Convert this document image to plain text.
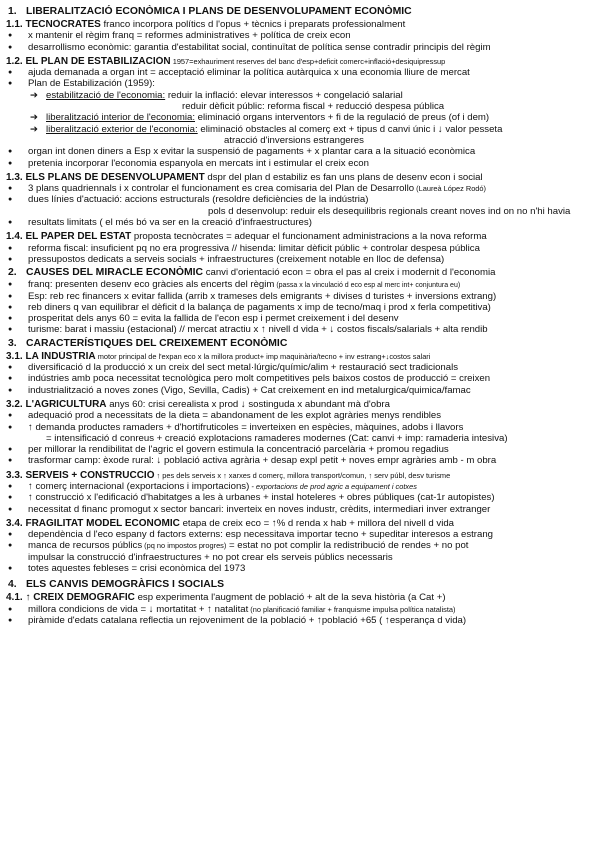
1. LIBERALITZACIÓ ECONÒMICA I PLANS DE DESENVOLUPAMENT ECONÒMIC
1.1. TECNÒCRATES franco incorpora polítics d l'opus + tècnics i preparats professionalment
● x mantenir el règim franq = reformes administratives + política de creix econ
● desarrollismo econòmic: garantia d'estabilitat social, continuïtat de política sense contradir principis del règim
1.2. EL PLAN DE ESTABILIZACIÓN 1957=exhauriment reserves del banc d'esp+deficit comerc+inflació+desiquipressup
● ajuda demanada a organ int = acceptació eliminar la política autàrquica x una economia lliure de mercat
● Plan de Estabilización (1959):
➔ estabilització de l'economia: reduir la inflació: elevar interessos + congelació salarial
reduir dèficit públic: reforma fiscal + reducció despesa pública
➔ liberalització interior de l'economia: eliminació organs interventors + fi de la regulació de preus (of i dem)
➔ liberalització exterior de l'economia: eliminació obstacles al comerç ext + tipus d canvi únic i ↓ valor pesseta
atracció d'inversions estrangeres
● organ int donen diners a Esp x evitar la suspensió de pagaments + x plantar cara a la situació econòmica
● pretenia incorporar l'economia espanyola en mercats int i estimular el creix econ
1.3. ELS PLANS DE DESENVOLUPAMENT dspr del plan d estabiliz es fan uns plans de desenv econ i social
● 3 plans quadriennals i x controlar el funcionament es crea comisaria del Plan de Desarrollo (Laureà López Rodó)
● dues línies d'actuació: accions estructurals (resoldre deficiències de la indústria)
pols d desenvolup: reduir els desequilibris regionals creant noves ind on no n'hi havia
● resultats limitats ( el més bó va ser en la creació d'infraestructures)
1.4. EL PAPER DEL ESTAT proposta tecnòcrates = adequar el funcionament administracions a la nova reforma
● reforma fiscal: insuficient pq no era progressiva // hisenda: limitar dèficit públic + controlar despesa pública
● pressupostos dedicats a serveis socials + infraestructures (creixement notable en lloc de defensa)
2. CAUSES DEL MIRACLE ECONÒMIC canvi d'orientació econ = obra el pas al creix i modernit d l'economia
● franq: presenten desenv eco gràcies als encerts del règim (passa x la vinculació d eco esp al merc int+ conjuntura eu)
● Esp: reb rec financers x evitar fallida (arrib x trameses dels emigrants + divises d turistes + inversions extrang)
● reb diners q van equilibrar el dèficit d la balança de pagaments x imp de tecno/maq i prod x ferla competitiva)
● prosperitat dels anys 60 = evita la fallida de l'econ esp i permet creixement i del desenv
● turisme: barat i massiu (estacional) // mercat atractiu x ↑ nivell d vida + ↓ costos fiscals/salarials + alta rendib
3. CARACTERÍSTIQUES DEL CREIXEMENT ECONÒMIC
3.1. LA INDÚSTRIA motor principal de l'expan eco x la millora product+ imp maquinària/tecno + inv estrang+↓costos salari
● diversificació d la producció x un creix del sect metal·lúrgic/químic/alim + restauració sect tradicionals
● indústries amb poca necessitat tecnològica pero molt competitives pels baixos costos de producció = creixen
● industrialització a noves zones (Vigo, Sevilla, Cadis) + Cat creixement en ind metalurgica/quimica/famac
3.2. L'AGRICULTURA anys 60: crisi cerealista x prod ↓ sostinguda x abundant mà d'obra
● adequació prod a necessitats de la dieta = abandonament de les explot agràries menys rendibles
● ↑ demanda productes ramaders + d'hortifruticoles = inverteixen en espècies, màquines, adobs i llavors
= intensificació d conreus + creació explotacions ramaderes modernes (Cat: canvi + imp: ramaderia intesiva)
● per millorar la rendibilitat de l'agric el govern estimula la concentració parcelària + promou regadius
● trasformar camp: èxode rural: ↓ població activa agrària + desap expl petit + noves empr agràries amb - m obra
3.3. SERVEIS + CONSTRUCCIÓ ↑ pes dels serveis x ↑ xarxes d comerç, millora transport/comun, ↑ serv públ, desv turisme
● ↑ comerç internacional (exportacions i importacions) - exportacions de prod agric a equipament i cotxes
● ↑ construcció x l'edificació d'habitatges a les à urbanes + instal hoteleres + obres públiques (cat-1r autopistes)
● necessitat d financ promogut x sector bancari: inverteix en noves industr, crèdits, intermediari inver extranger
3.4. FRAGILITAT MODEL ECONÒMIC etapa de creix eco = ↑% d renda x hab + millora del nivell d vida
● dependència d l'eco espany d factors externs: esp necessitava importar tecno + supeditar interesos a estrang
● manca de recursos públics (pq no impostos progres) = estat no pot complir la redistribució de rendes + no pot
impulsar la construcció d'infraestructures + no pot crear els serveis públics necessaris
● totes aquestes febleses = crisi econòmica del 1973
4. ELS CANVIS DEMOGRÀFICS I SOCIALS
4.1. ↑ CREIX DEMOGRÀFIC esp experimenta l'augment de població + alt de la seva història (a Cat +)
● millora condicions de vida = ↓ mortatitat + ↑ natalitat (no planificació familiar + franquisme impulsa política natalista)
● piràmide d'edats catalana reflectia un rejoveniment de la població + ↑població +65 ( ↑esperança d vida)
